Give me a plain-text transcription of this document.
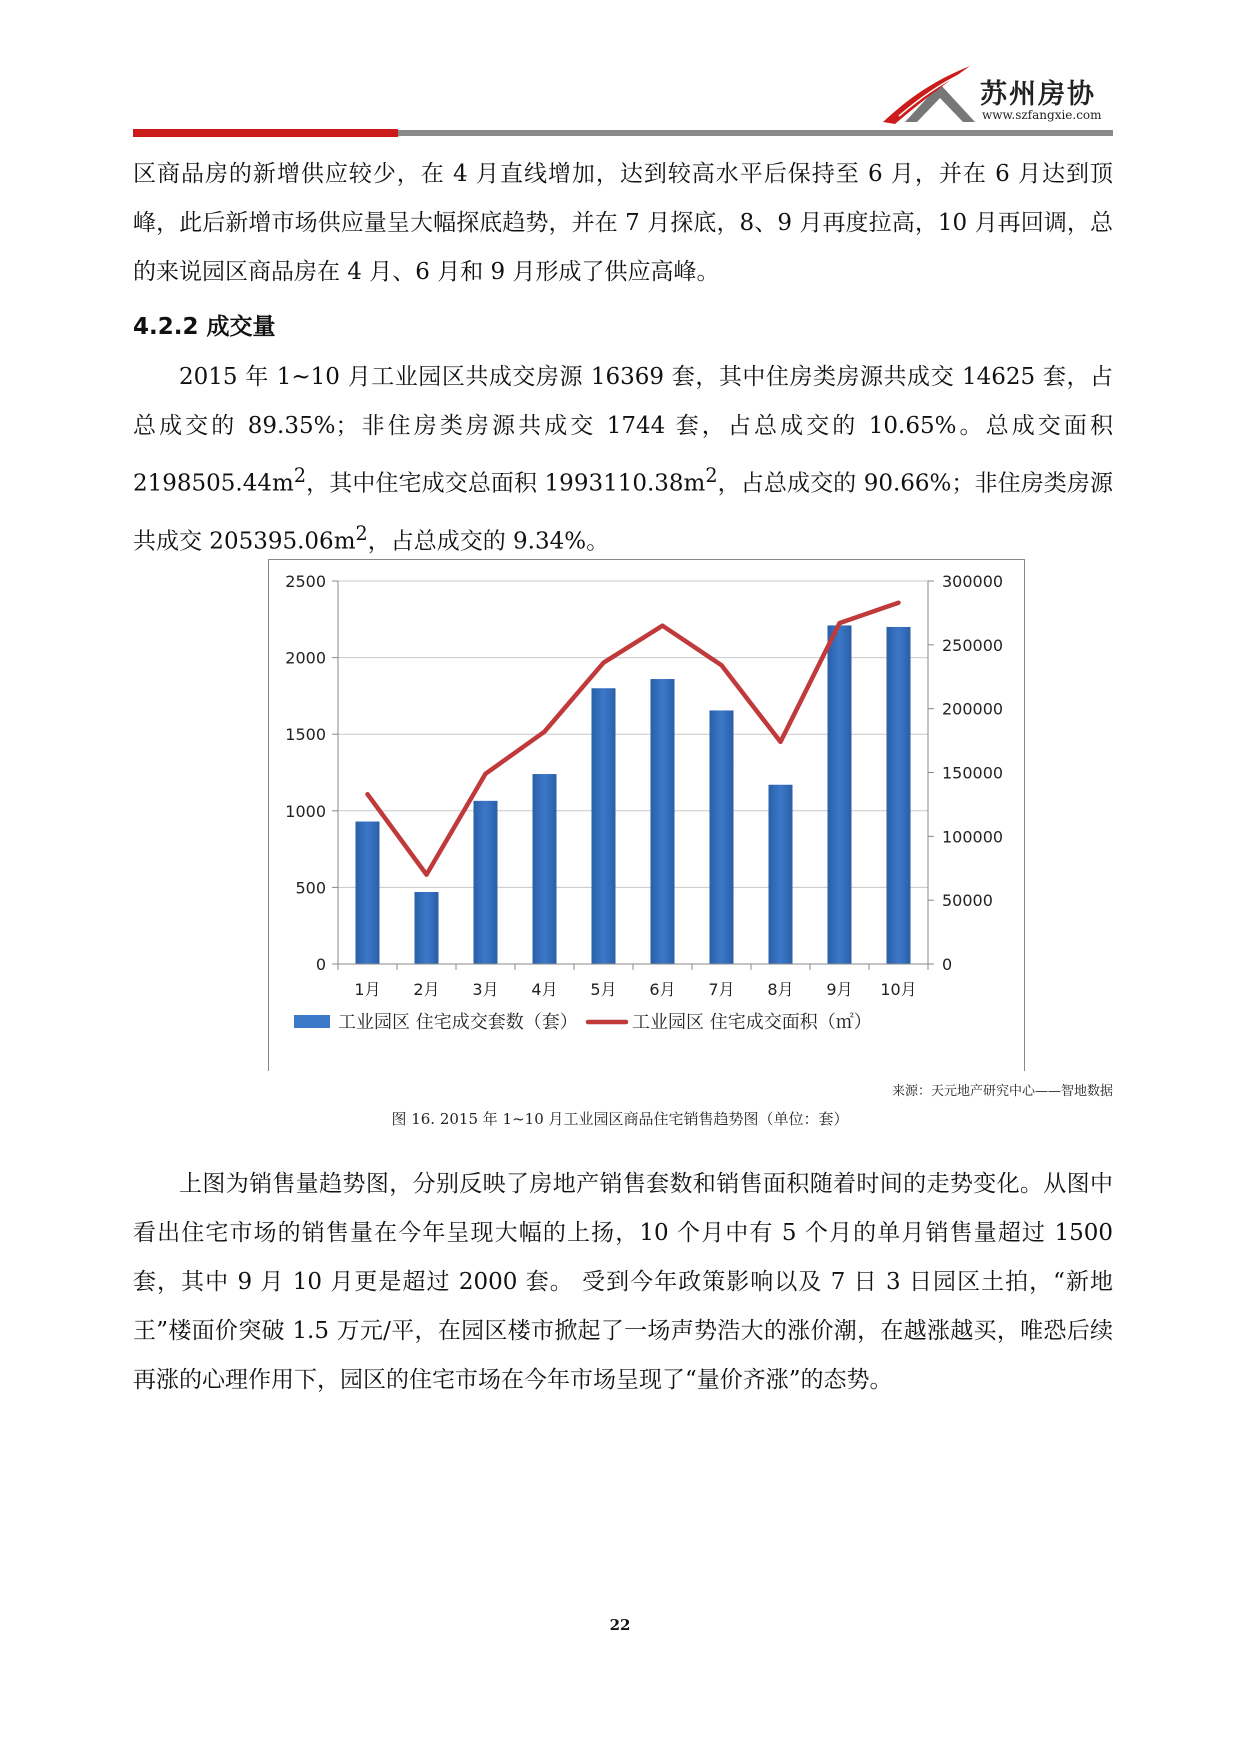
苏州房协
www.szfangxie.com

区商品房的新增供应较少，在 4 月直线增加，达到较高水平后保持至 6 月，并在 6 月达到顶峰，此后新增市场供应量呈大幅探底趋势，并在 7 月探底，8、9 月再度拉高，10 月再回调，总的来说园区商品房在 4 月、6 月和 9 月形成了供应高峰。

4.2.2 成交量

2015 年 1~10 月工业园区共成交房源 16369 套，其中住房类房源共成交 14625 套，占总成交的 89.35%；非住房类房源共成交 1744 套，占总成交的 10.65%。总成交面积 $2198505.44m^2$，其中住宅成交总面积 $1993110.38m^2$，占总成交的 90.66%；非住房类房源共成交 $205395.06m^2$，占总成交的 9.34%。

0
500
1000
1500
2000
2500
0
50000
100000
150000
200000
250000
300000
1月 2月 3月 4月 5月 6月 7月 8月 9月 10月
工业园区 住宅成交套数（套）	工业园区 住宅成交面积（㎡）
来源：天元地产研究中心——智地数据
图 16. 2015 年 1~10 月工业园区商品住宅销售趋势图（单位：套）

上图为销售量趋势图，分别反映了房地产销售套数和销售面积随着时间的走势变化。从图中看出住宅市场的销售量在今年呈现大幅的上扬，10 个月中有 5 个月的单月销售量超过 1500 套，其中 9 月 10 月更是超过 2000 套。 受到今年政策影响以及 7 日 3 日园区土拍，“新地王”楼面价突破 1.5 万元/平，在园区楼市掀起了一场声势浩大的涨价潮，在越涨越买，唯恐后续再涨的心理作用下，园区的住宅市场在今年市场呈现了“量价齐涨”的态势。

22
